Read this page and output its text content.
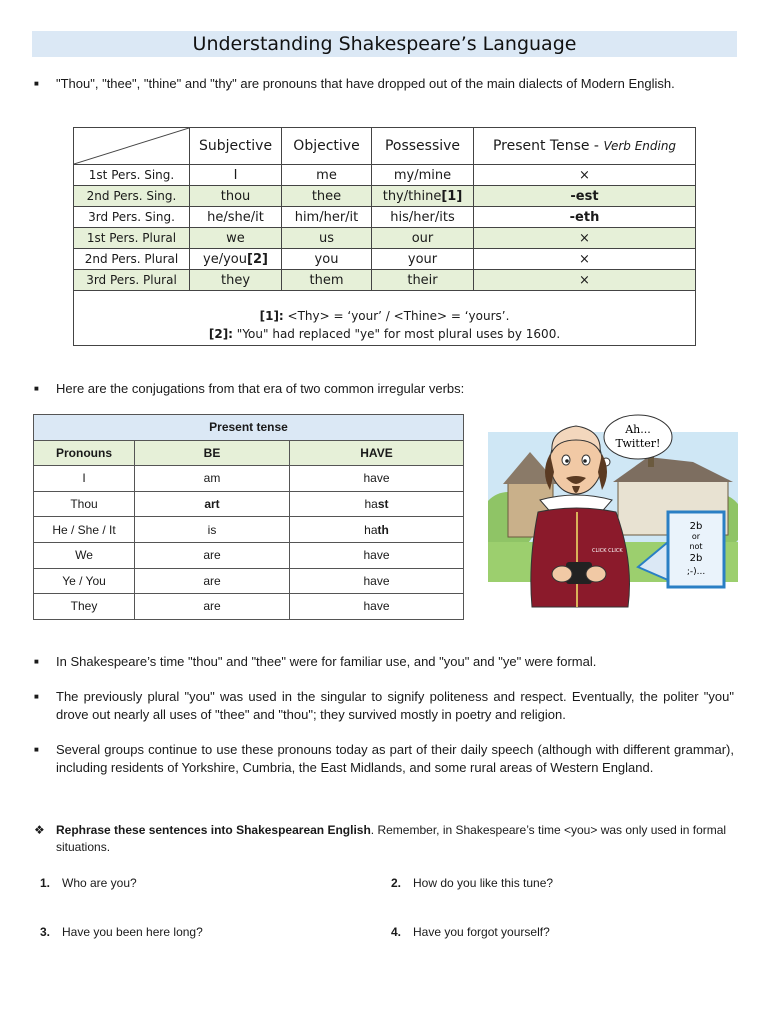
Understanding Shakespeare’s Language
■	"Thou", "thee", "thine" and "thy" are pronouns that have dropped out of the main dialects of Modern English.
	Subjective	Objective	Possessive	Present Tense - Verb Ending
1st Pers. Sing.	I	me	my/mine	×
2nd Pers. Sing.	thou	thee	thy/thine[1]	-est
3rd Pers. Sing.	he/she/it	him/her/it	his/her/its	-eth
1st Pers. Plural	we	us	our	×
2nd Pers. Plural	ye/you[2]	you	your	×
3rd Pers. Plural	they	them	their	×

[1]: <Thy> = ‘your’ / <Thine> = ‘yours’.
[2]: "You" had replaced "ye" for most plural uses by 1600.				
■	Here are the conjugations from that era of two common irregular verbs:
Present tense		
Pronouns	BE	HAVE
I	am	have
Thou	art	hast
He / She / It	is	hath
We	are	have
Ye / You	are	have
They	are	have
Ah...
Twitter!
CLICK CLICK
2b
or
not
2b
;-)...
■	In Shakespeare’s time "thou" and "thee" were for familiar use, and "you" and "ye" were formal.
■	The previously plural "you" was used in the singular to signify politeness and respect. Eventually, the politer "you" drove out nearly all uses of "thee" and "thou"; they survived mostly in poetry and religion.
■	Several groups continue to use these pronouns today as part of their daily speech (although with different grammar), including residents of Yorkshire, Cumbria, the East Midlands, and some rural areas of Western England.
❖ Rephrase these sentences into Shakespearean English. Remember, in Shakespeare’s time <you> was only used in formal situations.
1. Who are you?	2. How do you like this tune?
3. Have you been here long?	4. Have you forgot yourself?
